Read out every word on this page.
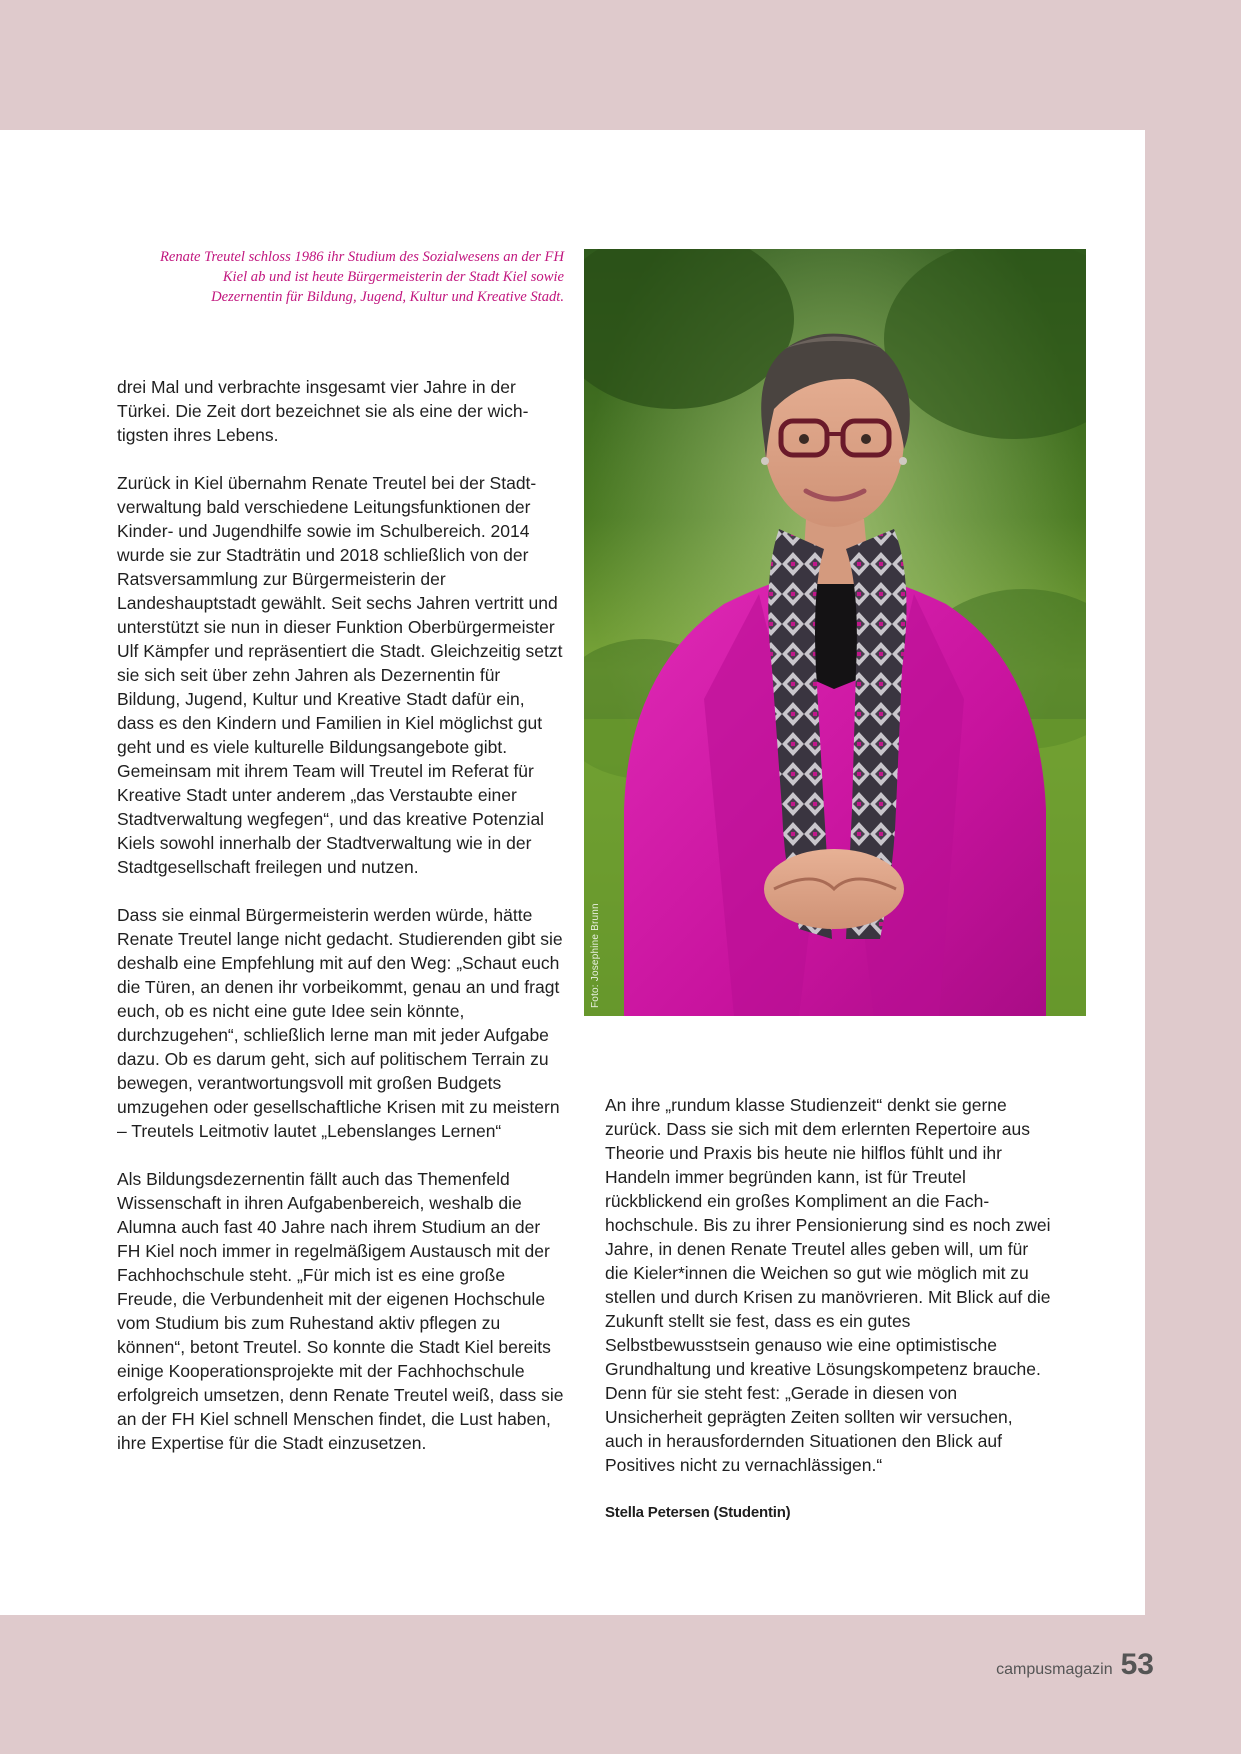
Renate Treutel schloss 1986 ihr Studium des Sozialwesens an der FH Kiel ab und ist heute Bürgermeisterin der Stadt Kiel sowie Dezernentin für Bildung, Jugend, Kultur und Kreative Stadt.

drei Mal und verbrachte insgesamt vier Jahre in der Türkei. Die Zeit dort bezeichnet sie als eine der wichtigsten ihres Lebens.

Zurück in Kiel übernahm Renate Treutel bei der Stadtverwaltung bald verschiedene Leitungsfunktionen der Kinder- und Jugendhilfe sowie im Schulbereich. 2014 wurde sie zur Stadträtin und 2018 schließlich von der Ratsversammlung zur Bürgermeisterin der Landeshauptstadt gewählt. Seit sechs Jahren vertritt und unterstützt sie nun in dieser Funktion Oberbürgermeister Ulf Kämpfer und repräsentiert die Stadt. Gleichzeitig setzt sie sich seit über zehn Jahren als Dezernentin für Bildung, Jugend, Kultur und Kreative Stadt dafür ein, dass es den Kindern und Familien in Kiel möglichst gut geht und es viele kulturelle Bildungsangebote gibt. Gemeinsam mit ihrem Team will Treutel im Referat für Kreative Stadt unter anderem „das Verstaubte einer Stadtverwaltung wegfegen“, und das kreative Potenzial Kiels sowohl innerhalb der Stadtverwaltung wie in der Stadtgesellschaft freilegen und nutzen.

Dass sie einmal Bürgermeisterin werden würde, hätte Renate Treutel lange nicht gedacht. Studierenden gibt sie deshalb eine Empfehlung mit auf den Weg: „Schaut euch die Türen, an denen ihr vorbeikommt, genau an und fragt euch, ob es nicht eine gute Idee sein könnte, durchzugehen“, schließlich lerne man mit jeder Aufgabe dazu. Ob es darum geht, sich auf politischem Terrain zu bewegen, verantwortungsvoll mit großen Budgets umzugehen oder gesellschaftliche Krisen mit zu meistern – Treutels Leitmotiv lautet „Lebenslanges Lernen“

Als Bildungsdezernentin fällt auch das Themenfeld Wissenschaft in ihren Aufgabenbereich, weshalb die Alumna auch fast 40 Jahre nach ihrem Studium an der FH Kiel noch immer in regelmäßigem Austausch mit der Fachhochschule steht. „Für mich ist es eine große Freude, die Verbundenheit mit der eigenen Hochschule vom Studium bis zum Ruhestand aktiv pflegen zu können“, betont Treutel. So konnte die Stadt Kiel bereits einige Kooperationsprojekte mit der Fachhochschule erfolgreich umsetzen, denn Renate Treutel weiß, dass sie an der FH Kiel schnell Menschen findet, die Lust haben, ihre Expertise für die Stadt einzusetzen.

Foto: Josephine Brunn

An ihre „rundum klasse Studienzeit“ denkt sie gerne zurück. Dass sie sich mit dem erlernten Repertoire aus Theorie und Praxis bis heute nie hilflos fühlt und ihr Handeln immer begründen kann, ist für Treutel rückblickend ein großes Kompliment an die Fachhochschule. Bis zu ihrer Pensionierung sind es noch zwei Jahre, in denen Renate Treutel alles geben will, um für die Kieler*innen die Weichen so gut wie möglich mit zu stellen und durch Krisen zu manövrieren. Mit Blick auf die Zukunft stellt sie fest, dass es ein gutes Selbstbewusstsein genauso wie eine optimistische Grundhaltung und kreative Lösungskompetenz brauche. Denn für sie steht fest: „Gerade in diesen von Unsicherheit geprägten Zeiten sollten wir versuchen, auch in herausfordernden Situationen den Blick auf Positives nicht zu vernachlässigen.“

Stella Petersen (Studentin)
campusmagazin 53
